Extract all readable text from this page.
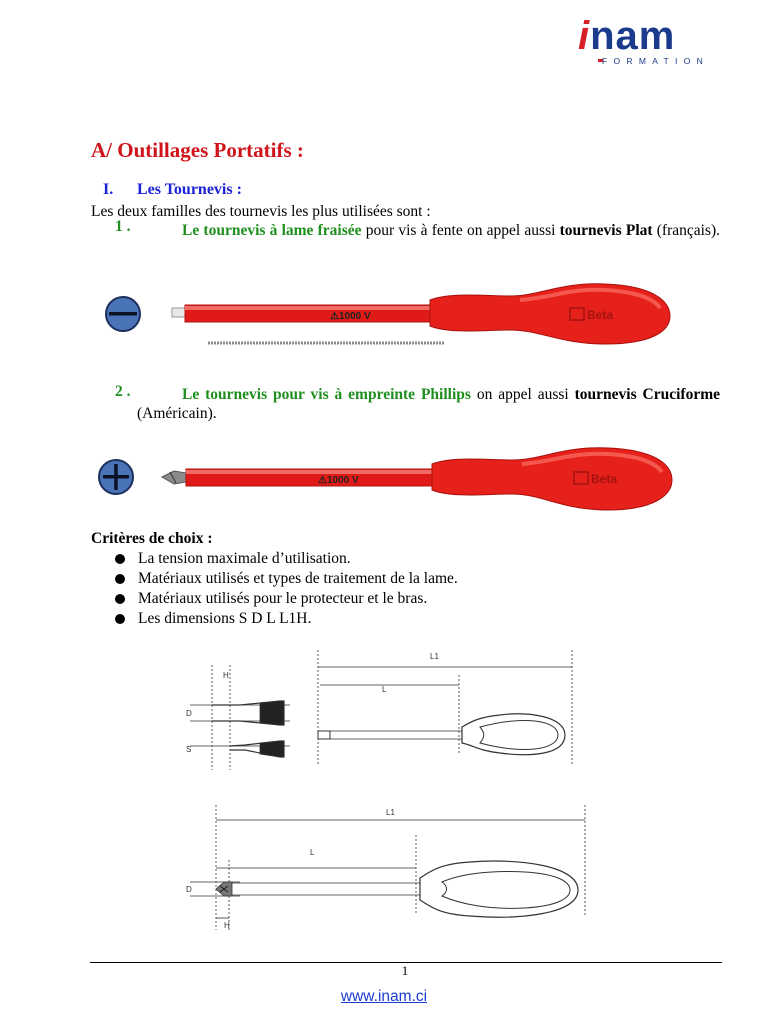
inam
FORMATION
A/ Outillages Portatifs :
I. Les Tournevis :
Les deux familles des tournevis les plus utilisées sont :
1 .	Le tournevis à lame fraisée pour vis à fente on appel aussi tournevis Plat (français).
⚠1000 V	Beta
2 .	Le tournevis pour vis à empreinte Phillips on appel aussi tournevis Cruciforme (Américain).
⚠1000 V	Beta
Critères de choix :
La tension maximale d’utilisation.
Matériaux utilisés et types de traitement de la lame.
Matériaux utilisés pour le protecteur et le bras.
Les dimensions S D L L1H.
H
D
S
L1
L
L1
L
D
H
1
www.inam.ci
